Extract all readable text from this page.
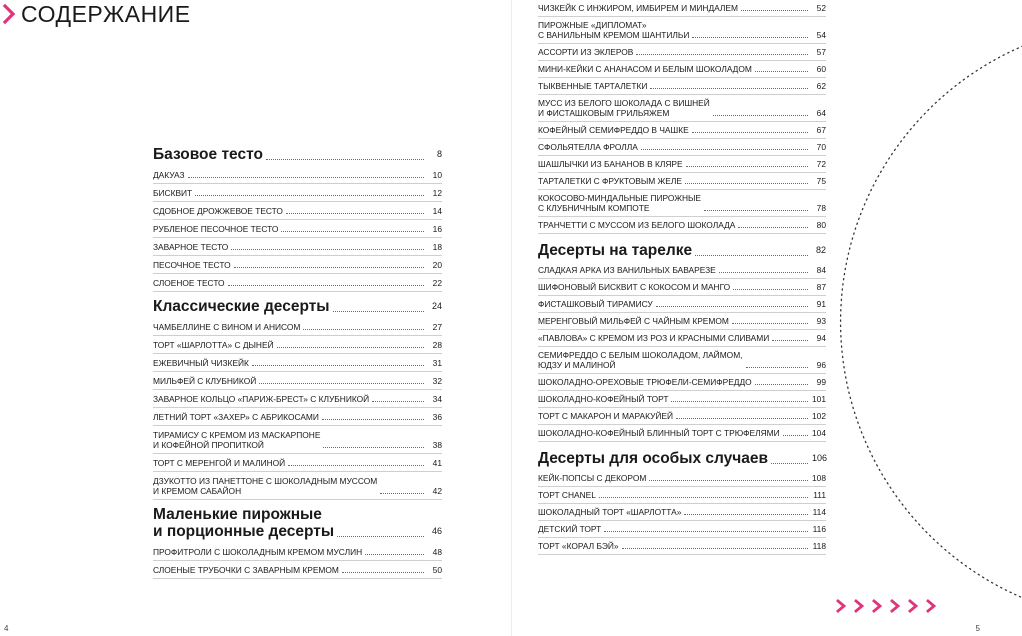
СОДЕРЖАНИЕ
Базовое тесто	8
ДАКУАЗ	10
БИСКВИТ	12
СДОБНОЕ ДРОЖЖЕВОЕ ТЕСТО	14
РУБЛЕНОЕ ПЕСОЧНОЕ ТЕСТО	16
ЗАВАРНОЕ ТЕСТО	18
ПЕСОЧНОЕ ТЕСТО	20
СЛОЕНОЕ ТЕСТО	22
Классические десерты	24
ЧАМБЕЛЛИНЕ С ВИНОМ И АНИСОМ	27
ТОРТ «ШАРЛОТТА» С ДЫНЕЙ	28
ЕЖЕВИЧНЫЙ ЧИЗКЕЙК	31
МИЛЬФЕЙ С КЛУБНИКОЙ	32
ЗАВАРНОЕ КОЛЬЦО «ПАРИЖ-БРЕСТ» С КЛУБНИКОЙ	34
ЛЕТНИЙ ТОРТ «ЗАХЕР» С АБРИКОСАМИ	36
ТИРАМИСУ С КРЕМОМ ИЗ МАСКАРПОНЕ
И КОФЕЙНОЙ ПРОПИТКОЙ	38
ТОРТ С МЕРЕНГОЙ И МАЛИНОЙ	41
ДЗУКОТТО ИЗ ПАНЕТТОНЕ С ШОКОЛАДНЫМ МУССОМ
И КРЕМОМ САБАЙОН	42
Маленькие пирожные
и порционные десерты	46
ПРОФИТРОЛИ С ШОКОЛАДНЫМ КРЕМОМ МУСЛИН	48
СЛОЕНЫЕ ТРУБОЧКИ С ЗАВАРНЫМ КРЕМОМ	50
4
ЧИЗКЕЙК С ИНЖИРОМ, ИМБИРЕМ И МИНДАЛЕМ	52
ПИРОЖНЫЕ «ДИПЛОМАТ»
С ВАНИЛЬНЫМ КРЕМОМ ШАНТИЛЬИ	54
АССОРТИ ИЗ ЭКЛЕРОВ	57
МИНИ-КЕЙКИ С АНАНАСОМ И БЕЛЫМ ШОКОЛАДОМ	60
ТЫКВЕННЫЕ ТАРТАЛЕТКИ	62
МУСС ИЗ БЕЛОГО ШОКОЛАДА С ВИШНЕЙ
И ФИСТАШКОВЫМ ГРИЛЬЯЖЕМ	64
КОФЕЙНЫЙ СЕМИФРЕДДО В ЧАШКЕ	67
СФОЛЬЯТЕЛЛА ФРОЛЛА	70
ШАШЛЫЧКИ ИЗ БАНАНОВ В КЛЯРЕ	72
ТАРТАЛЕТКИ С ФРУКТОВЫМ ЖЕЛЕ	75
КОКОСОВО-МИНДАЛЬНЫЕ ПИРОЖНЫЕ
С КЛУБНИЧНЫМ КОМПОТЕ	78
ТРАНЧЕТТИ С МУССОМ ИЗ БЕЛОГО ШОКОЛАДА	80
Десерты на тарелке	82
СЛАДКАЯ АРКА ИЗ ВАНИЛЬНЫХ БАВАРЕЗЕ	84
ШИФОНОВЫЙ БИСКВИТ С КОКОСОМ И МАНГО	87
ФИСТАШКОВЫЙ ТИРАМИСУ	91
МЕРЕНГОВЫЙ МИЛЬФЕЙ С ЧАЙНЫМ КРЕМОМ	93
«ПАВЛОВА» С КРЕМОМ ИЗ РОЗ И КРАСНЫМИ СЛИВАМИ	94
СЕМИФРЕДДО С БЕЛЫМ ШОКОЛАДОМ, ЛАЙМОМ,
ЮДЗУ И МАЛИНОЙ	96
ШОКОЛАДНО-ОРЕХОВЫЕ ТРЮФЕЛИ-СЕМИФРЕДДО	99
ШОКОЛАДНО-КОФЕЙНЫЙ ТОРТ	101
ТОРТ С МАКАРОН И МАРАКУЙЕЙ	102
ШОКОЛАДНО-КОФЕЙНЫЙ БЛИННЫЙ ТОРТ С ТРЮФЕЛЯМИ	104
Десерты для особых случаев	106
КЕЙК-ПОПСЫ С ДЕКОРОМ	108
ТОРТ CHANEL	111
ШОКОЛАДНЫЙ ТОРТ «ШАРЛОТТА»	114
ДЕТСКИЙ ТОРТ	116
ТОРТ «КОРАЛ БЭЙ»	118
5
